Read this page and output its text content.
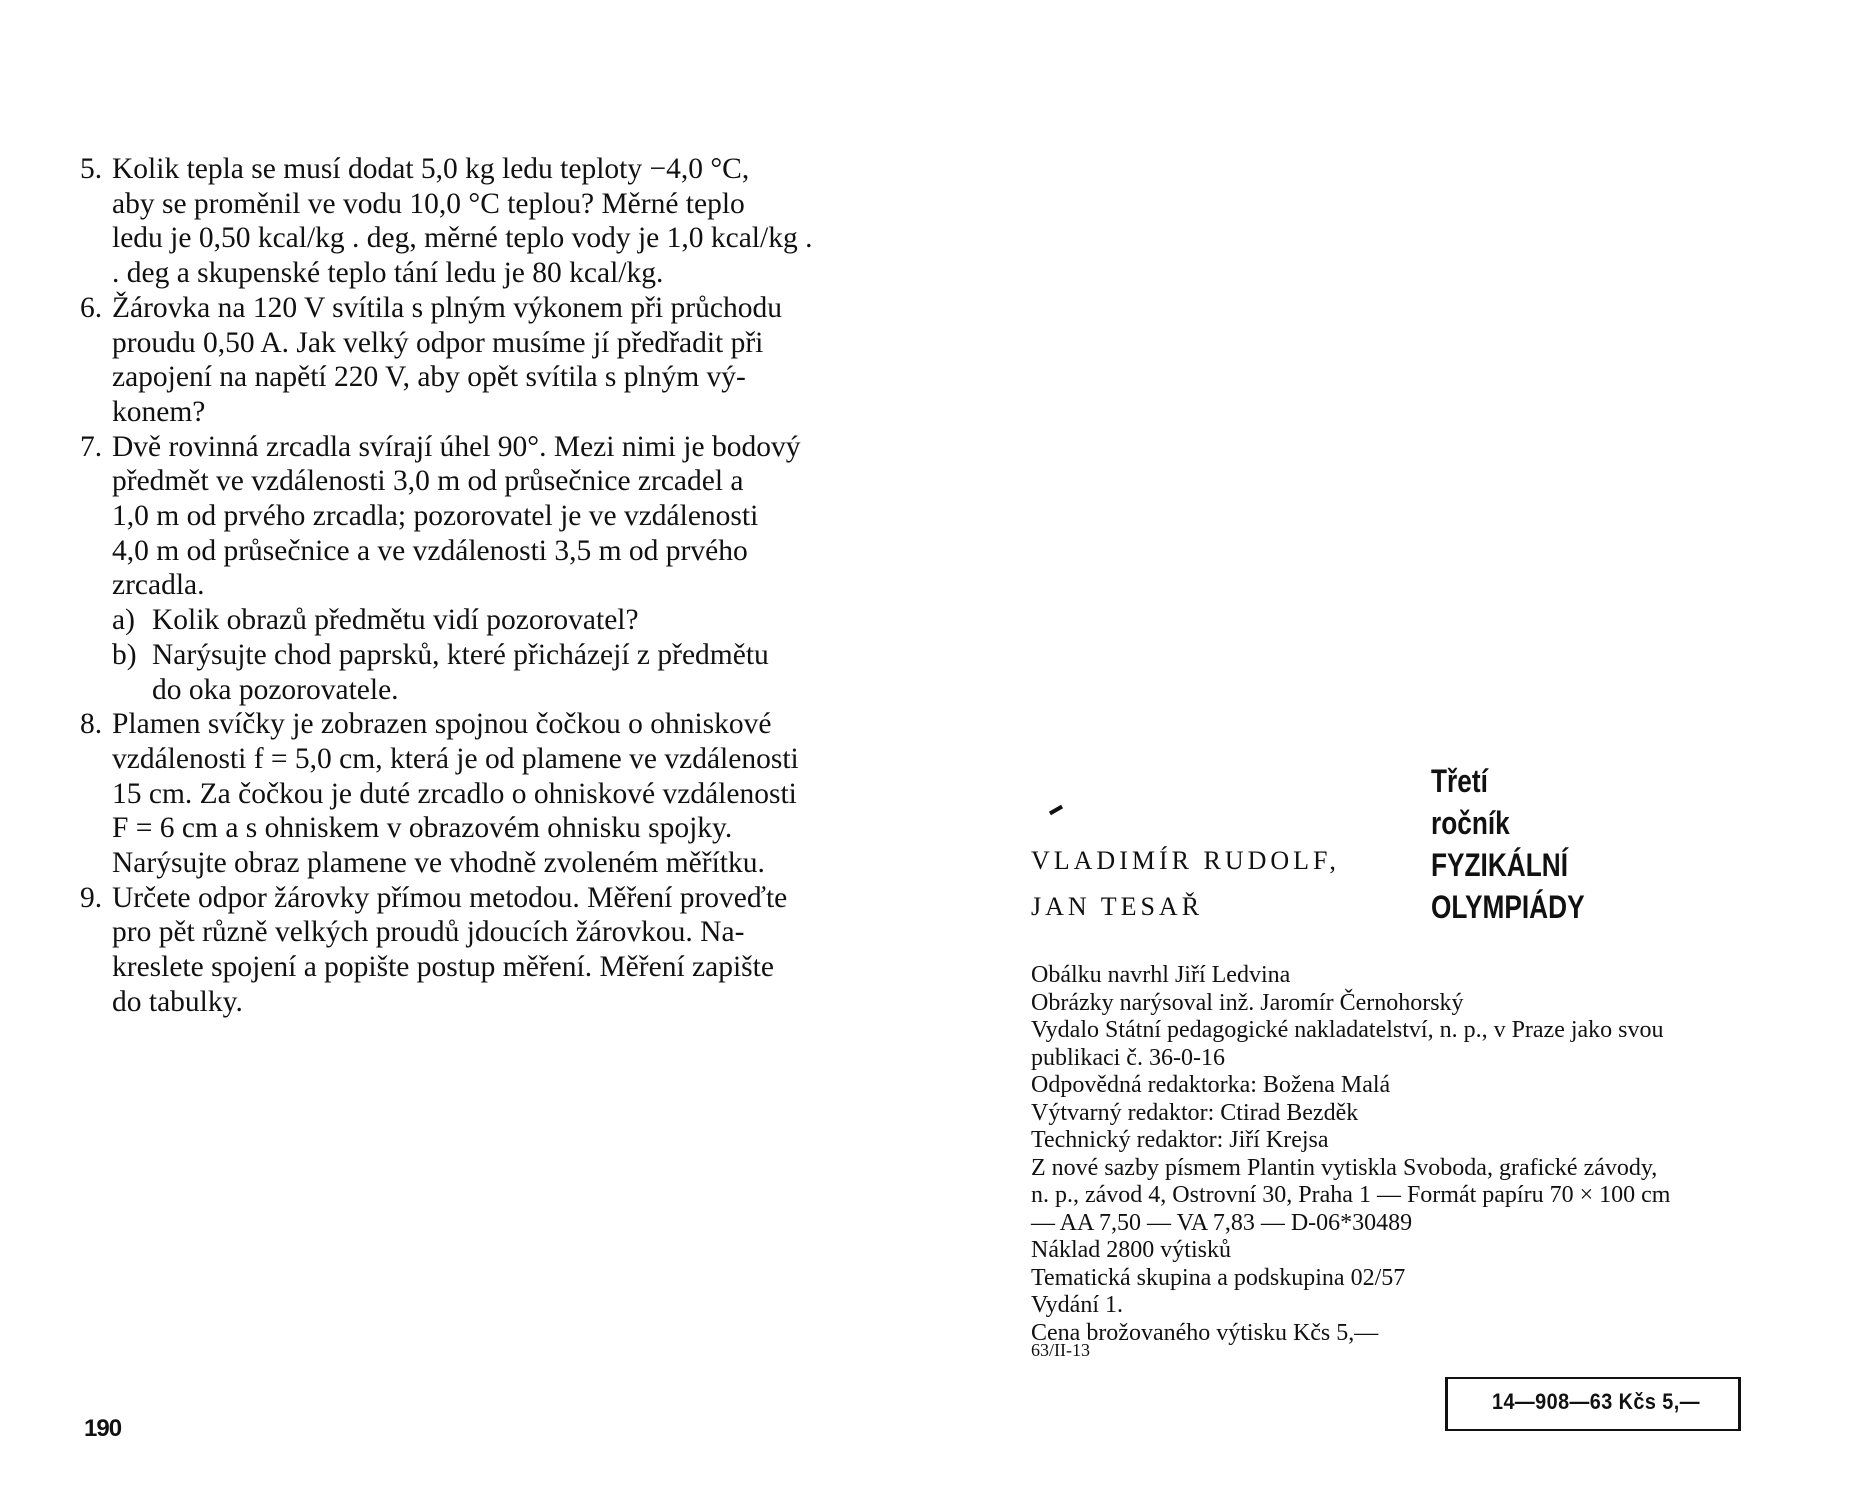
5. Kolik tepla se musí dodat 5,0 kg ledu teploty −4,0 °C,
aby se proměnil ve vodu 10,0 °C teplou? Měrné teplo
ledu je 0,50 kcal/kg . deg, měrné teplo vody je 1,0 kcal/kg .
. deg a skupenské teplo tání ledu je 80 kcal/kg.
6. Žárovka na 120 V svítila s plným výkonem při průchodu
proudu 0,50 A. Jak velký odpor musíme jí předřadit při
zapojení na napětí 220 V, aby opět svítila s plným vý-
konem?
7. Dvě rovinná zrcadla svírají úhel 90°. Mezi nimi je bodový
předmět ve vzdálenosti 3,0 m od průsečnice zrcadel a
1,0 m od prvého zrcadla; pozorovatel je ve vzdálenosti
4,0 m od průsečnice a ve vzdálenosti 3,5 m od prvého
zrcadla.
a) Kolik obrazů předmětu vidí pozorovatel?
b) Narýsujte chod paprsků, které přicházejí z předmětu
do oka pozorovatele.
8. Plamen svíčky je zobrazen spojnou čočkou o ohniskové
vzdálenosti f = 5,0 cm, která je od plamene ve vzdálenosti
15 cm. Za čočkou je duté zrcadlo o ohniskové vzdálenosti
F = 6 cm a s ohniskem v obrazovém ohnisku spojky.
Narýsujte obraz plamene ve vhodně zvoleném měřítku.
9. Určete odpor žárovky přímou metodou. Měření proveďte
pro pět různě velkých proudů jdoucích žárovkou. Na-
kreslete spojení a popište postup měření. Měření zapište
do tabulky.
190
VLADIMÍR RUDOLF,
JAN TESAŘ
Třetí
ročník
FYZIKÁLNÍ
OLYMPIÁDY
Obálku navrhl Jiří Ledvina
Obrázky narýsoval inž. Jaromír Černohorský
Vydalo Státní pedagogické nakladatelství, n. p., v Praze jako svou
publikaci č. 36-0-16
Odpovědná redaktorka: Božena Malá
Výtvarný redaktor: Ctirad Bezděk
Technický redaktor: Jiří Krejsa
Z nové sazby písmem Plantin vytiskla Svoboda, grafické závody,
n. p., závod 4, Ostrovní 30, Praha 1 — Formát papíru 70 × 100 cm
— AA 7,50 — VA 7,83 — D-06*30489
Náklad 2800 výtisků
Tematická skupina a podskupina 02/57
Vydání 1.
Cena brožovaného výtisku Kčs 5,—
63/II-13
14—908—63 Kčs 5,—
